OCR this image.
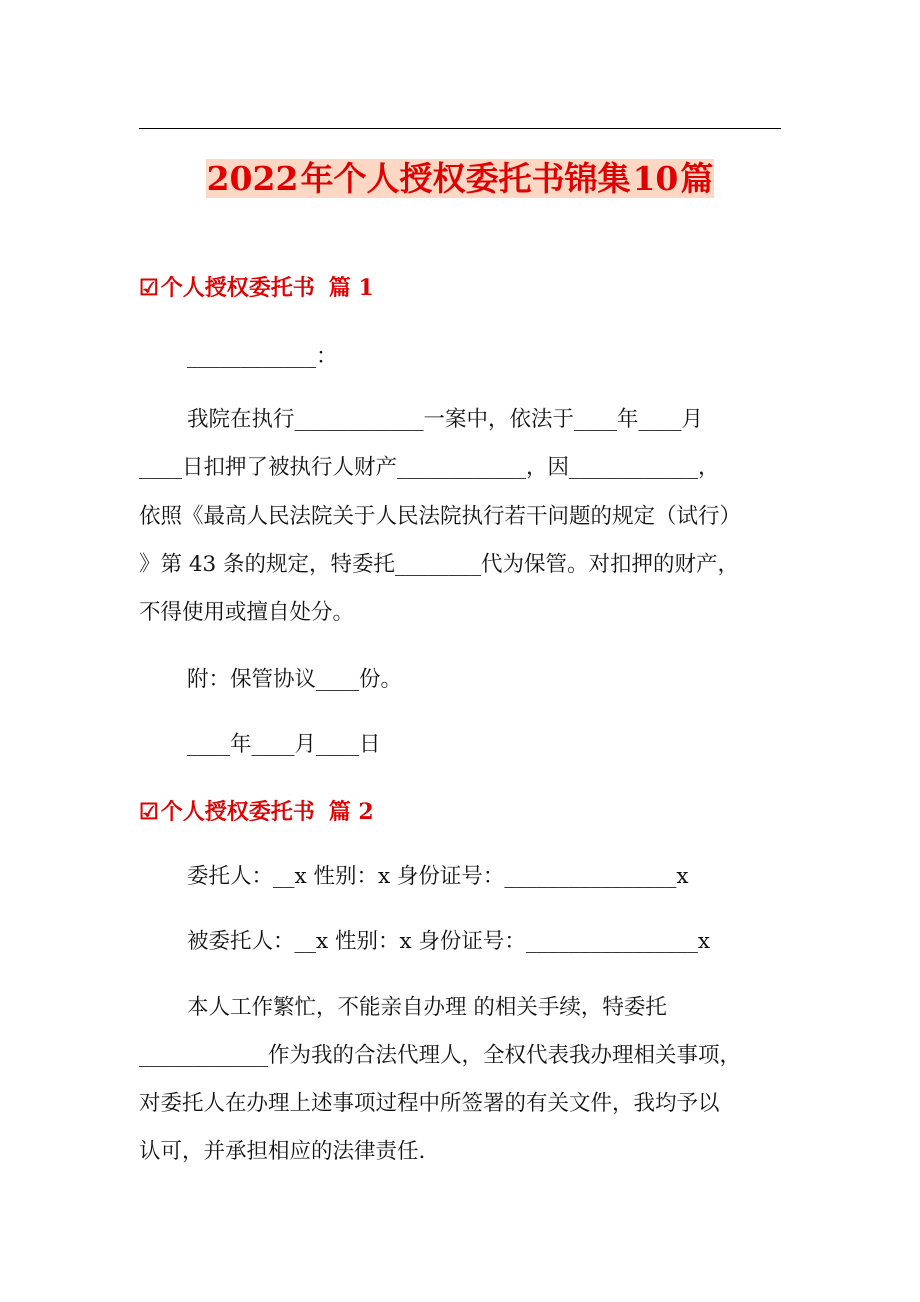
2022年个人授权委托书锦集10篇
☑个人授权委托书 篇 1
____________：
我院在执行____________一案中，依法于____年____月
____日扣押了被执行人财产____________，因____________，
依照《最高人民法院关于人民法院执行若干问题的规定（试行）
》第 43 条的规定，特委托________代为保管。对扣押的财产，
不得使用或擅自处分。
附：保管协议____份。
____年____月____日
☑个人授权委托书 篇 2
委托人：__x 性别：x 身份证号：________________x
被委托人：__x 性别：x 身份证号：________________x
本人工作繁忙，不能亲自办理 的相关手续，特委托
____________作为我的合法代理人，全权代表我办理相关事项，
对委托人在办理上述事项过程中所签署的有关文件，我均予以
认可，并承担相应的法律责任.
